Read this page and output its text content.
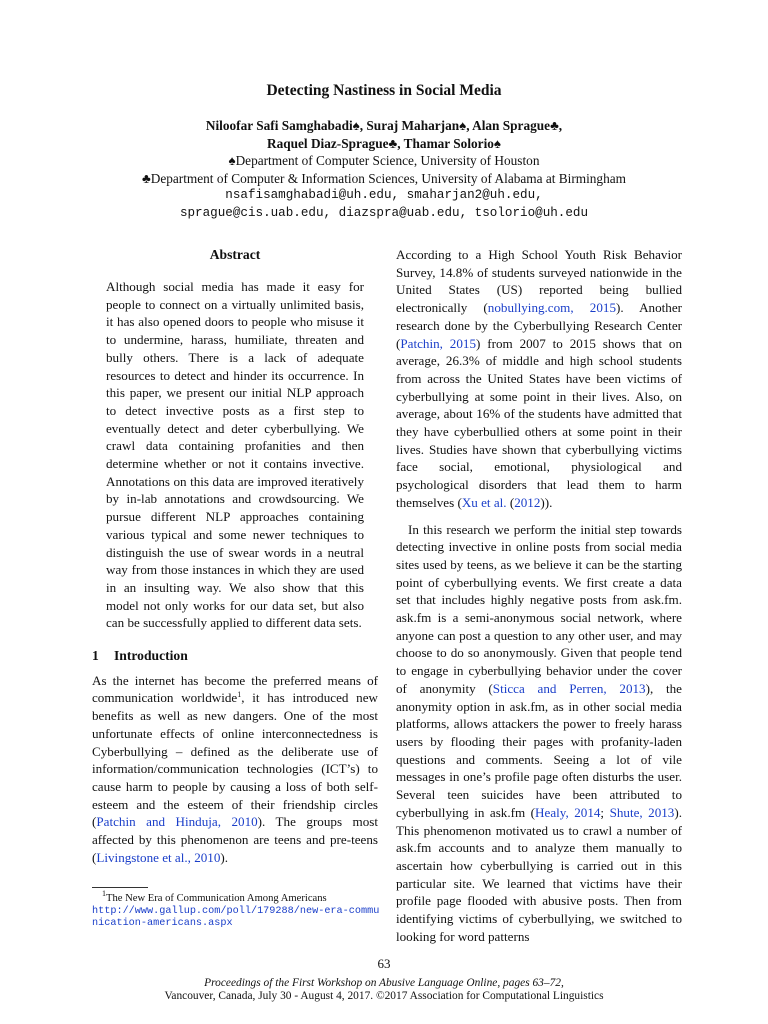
Detecting Nastiness in Social Media
Niloofar Safi Samghabadi♠, Suraj Maharjan♠, Alan Sprague♣,
Raquel Diaz-Sprague♣, Thamar Solorio♠
♠Department of Computer Science, University of Houston
♣Department of Computer & Information Sciences, University of Alabama at Birmingham
nsafisamghabadi@uh.edu, smaharjan2@uh.edu,
sprague@cis.uab.edu, diazspra@uab.edu, tsolorio@uh.edu
Abstract
Although social media has made it easy for people to connect on a virtually unlimited basis, it has also opened doors to people who misuse it to undermine, harass, humiliate, threaten and bully others. There is a lack of adequate resources to detect and hinder its occurrence. In this paper, we present our initial NLP approach to detect invective posts as a first step to eventually detect and deter cyberbullying. We crawl data containing profanities and then determine whether or not it contains invective. Annotations on this data are improved iteratively by in-lab annotations and crowdsourcing. We pursue different NLP approaches containing various typical and some newer techniques to distinguish the use of swear words in a neutral way from those instances in which they are used in an insulting way. We also show that this model not only works for our data set, but also can be successfully applied to different data sets.
1 Introduction

As the internet has become the preferred means of communication worldwide$^1$, it has introduced new benefits as well as new dangers. One of the most unfortunate effects of online interconnectedness is Cyberbullying – defined as the deliberate use of information/communication technologies (ICT’s) to cause harm to people by causing a loss of both self-esteem and the esteem of their friendship circles (Patchin and Hinduja, 2010). The groups most affected by this phenomenon are teens and pre-teens (Livingstone et al., 2010).

$^1$The New Era of Communication Among Americans
http://www.gallup.com/poll/179288/new-era-communication-americans.aspx

According to a High School Youth Risk Behavior Survey, 14.8% of students surveyed nationwide in the United States (US) reported being bullied electronically (nobullying.com, 2015). Another research done by the Cyberbullying Research Center (Patchin, 2015) from 2007 to 2015 shows that on average, 26.3% of middle and high school students from across the United States have been victims of cyberbullying at some point in their lives. Also, on average, about 16% of the students have admitted that they have cyberbullied others at some point in their lives. Studies have shown that cyberbullying victims face social, emotional, physiological and psychological disorders that lead them to harm themselves (Xu et al. (2012)).

In this research we perform the initial step towards detecting invective in online posts from social media sites used by teens, as we believe it can be the starting point of cyberbullying events. We first create a data set that includes highly negative posts from ask.fm. ask.fm is a semi-anonymous social network, where anyone can post a question to any other user, and may choose to do so anonymously. Given that people tend to engage in cyberbullying behavior under the cover of anonymity (Sticca and Perren, 2013), the anonymity option in ask.fm, as in other social media platforms, allows attackers the power to freely harass users by flooding their pages with profanity-laden questions and comments. Seeing a lot of vile messages in one’s profile page often disturbs the user. Several teen suicides have been attributed to cyberbullying in ask.fm (Healy, 2014; Shute, 2013). This phenomenon motivated us to crawl a number of ask.fm accounts and to analyze them manually to ascertain how cyberbullying is carried out in this particular site. We learned that victims have their profile page flooded with abusive posts. Then from identifying victims of cyberbullying, we switched to looking for word patterns

63
Proceedings of the First Workshop on Abusive Language Online, pages 63–72,
Vancouver, Canada, July 30 - August 4, 2017. ©2017 Association for Computational Linguistics
